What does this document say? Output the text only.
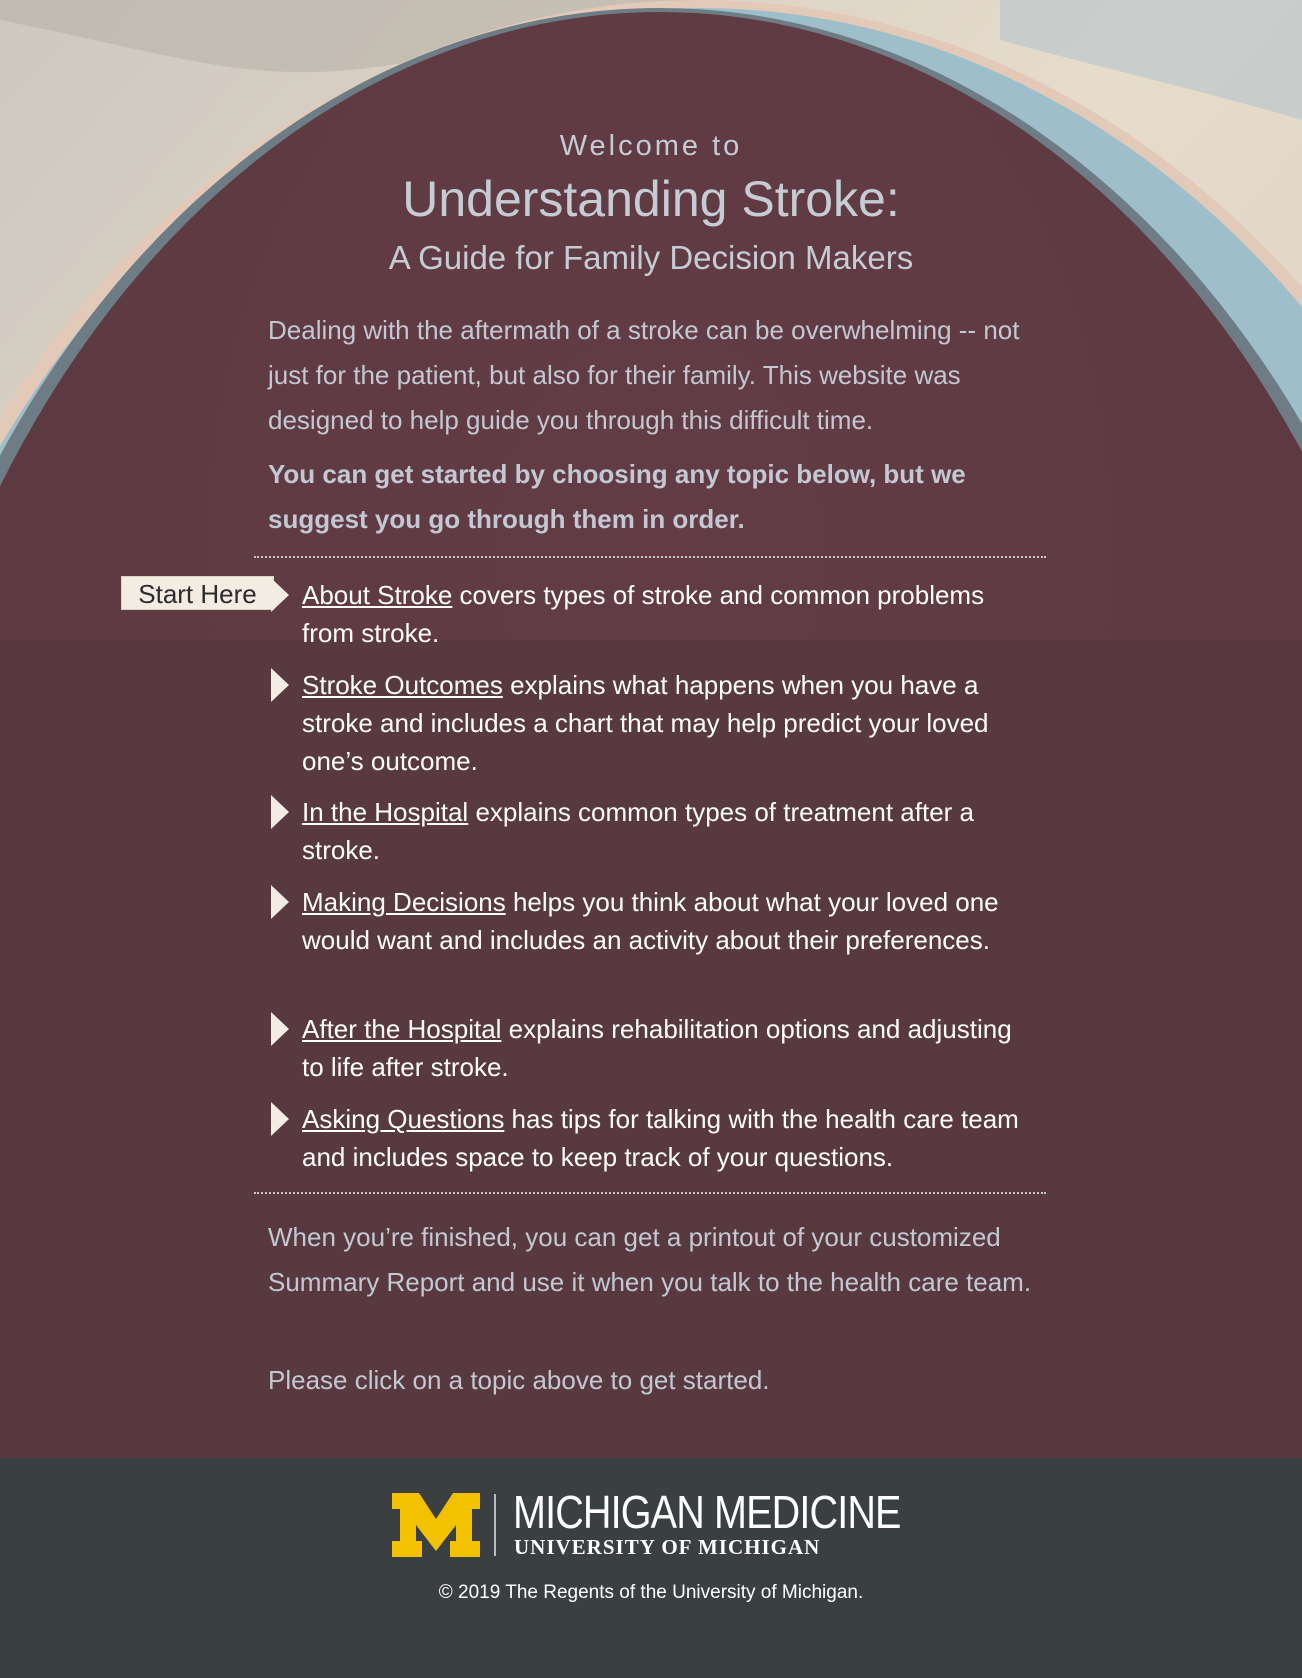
Welcome to
Understanding Stroke:
A Guide for Family Decision Makers

Dealing with the aftermath of a stroke can be overwhelming -- not just for the patient, but also for their family. This website was designed to help guide you through this difficult time.

You can get started by choosing any topic below, but we suggest you go through them in order.

Start Here	About Stroke covers types of stroke and common problems from stroke.
Stroke Outcomes explains what happens when you have a stroke and includes a chart that may help predict your loved one’s outcome.
In the Hospital explains common types of treatment after a stroke.
Making Decisions helps you think about what your loved one would want and includes an activity about their preferences.
After the Hospital explains rehabilitation options and adjusting to life after stroke.
Asking Questions has tips for talking with the health care team and includes space to keep track of your questions.

When you’re finished, you can get a printout of your customized Summary Report and use it when you talk to the health care team.

Please click on a topic above to get started.

MICHIGAN MEDICINE
UNIVERSITY OF MICHIGAN
© 2019 The Regents of the University of Michigan.
